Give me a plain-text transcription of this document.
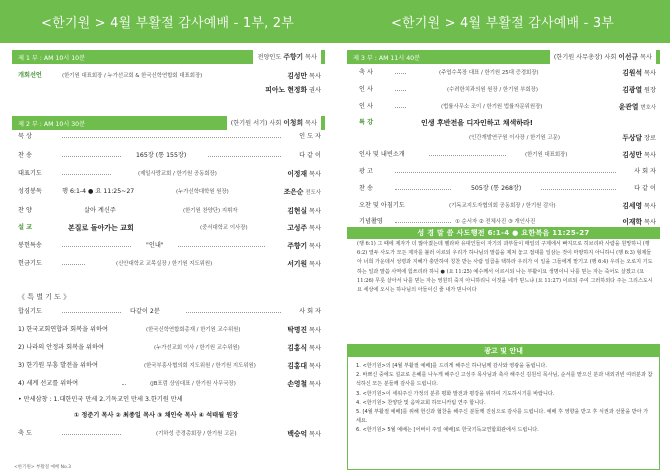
<한기원 > 4월 부활절 감사예배 - 1부, 2부
제 1 부 : AM 10시 10분	전양인도 주향기 목사
개회선언	(한기원 대표회장 / 누가선교회 & 한국신학연합회 대표회장)	김성만 목사
피아노 현정화 권사
제 2 부 : AM 10시 30분	(한기원 서기) 사회 이청희 목사
묵 상	인 도 자
찬 송	165장 (통 155장)	다 같 이
대표기도	(제일사랑교회 / 한기원 공동회장)	이정재 목사
성경봉독	행 6:1-4 ● 요 11:25~27	(누가신학대학원 원장)	조은순 전도사
찬 양	살아 계신주	(한기원 찬양단) 지휘자	김현실 목사
설 교	본질로 돌아가는 교회	(중서대학교 이사장)	고성주 목사
봉헌특송	"인내"	주향기 목사
헌금기도	(신안대학교 교목실장 / 한기원 지도위원)	서기원 목사
《 특 별 기 도 》
합심기도	다같이 2분	사 회 자
1) 한국교회연합과 회복을 위하여	(한국신학연합회총재 / 한기원 교수위원)	탁명진 목사
2) 나라의 안정과 회복을 위하여	(누가선교회 이사 / 한기원 교수위원)	김홍식 목사
3) 한기원 부흥 발전을 위하여	(한국부흥사협의회 지도위원 / 한기원 지도위원)	김홍대 목사
4) 세계 선교를 위하여	(JB포럼 상임대표 / 한기원 사무국장)	손영철 목사
• 만세삼창 : 1.대한민국 만세 2.기독교인 만세 3.한기원 만세
① 정준기 목사 ② 최종일 목사 ③ 채인숙 목사 ④ 석태월 원장
축 도	(기하성 증경총회장 / 한기원 고문)	백승억 목사
<한기원> 부활절 예배 No.3
<한기원 > 4월 부활절 감사예배 - 3부
제 3 부 : AM 11시 40분	(한기원 사무총장) 사회 이선규 목사
축 사	(주엽수목장 대표 / 한기원 25대 증경회장)	김원석 목사
인 사	(수려한치과의원 원장 / 한기원 부회장)	김광열 원장
인 사	(법률사무소 조이 / 한기원 법률자문위원장)	윤관열 변호사
특 강	인생 후반전을 디자인하고 채색하라!
(인간개발연구원 이사장 / 한기원 고문)	두상달 장로
인사 및 내빈소개	(한기원 대표회장)	김성만 목사
광 고	사 회 자
찬 송	505장 (통 268장)	다 같 이
오찬 및 아침기도	(기독교지도자협의회 공동회장 / 한기원 감사)	김세영 목사
기념촬영	① 순서자 ② 전체사진 ③ 개인사진	이재학 목사
성 경 말 씀 사도행전 6:1-4 ● 요한복음 11:25-27
(행 6:1) 그 때에 제자가 더 많아졌는데 헬라파 유대인들이 자기의 과부들이 매일의 구제에서 빠지므로 히브리파 사람을 원망하니 (행 6:2) 열두 사도가 모든 제자를 불러 이르되 우리가 하나님의 말씀을 제쳐 놓고 접대를 일삼는 것이 마땅하지 아니하니 (행 6:3) 형제들아 너희 가운데서 성령과 지혜가 충만하여 칭찬 받는 사람 일곱을 택하라 우리가 이 일을 그들에게 맡기고 (행 6:4) 우리는 오로지 기도하는 일과 말씀 사역에 힘쓰리라 하니 ● (요 11:25) 예수께서 이르시되 나는 부활이요 생명이니 나를 믿는 자는 죽어도 살겠고 (요 11:26) 무릇 살아서 나를 믿는 자는 영원히 죽지 아니하리니 이것을 네가 믿느냐 (요 11:27) 이르되 주여 그러하외다 주는 그리스도시요 세상에 오시는 하나님의 아들이신 줄 내가 믿나이다
광고 및 안내
1. <한기원>의 [4월 부활절 예배]를 드리게 해주신 하나님께 감사와 영광을 돌립니다.
2. 바쁘신 중에도 설교로 은혜를 나누게 해주신 고성주 목사님과 축사 해주신 김원석 목사님, 순서를 맡으신 분과 내외귀빈 여러분과 참석하신 모든 분들께 감사를 드립니다.
3. <한기원>이 세워주신 가정의 분류 평화 발전과 평강을 위하여 기도하시기를 바랍니다.
4. <한기원> 찬양단 및 음악교회 하모니카팀 연주 합니다.
5. [4월 부활절 예배]를 위해 헌신과 협찬을 해주신 분들께 진심으로 감사를 드립니다. 예배 후 영향을 받고 후 식권과 선물을 받아 가세요.
6. <한기원> 5월 예배는 [어버이 주일 예배]로 한국기독교연합회관에서 드립니다.
